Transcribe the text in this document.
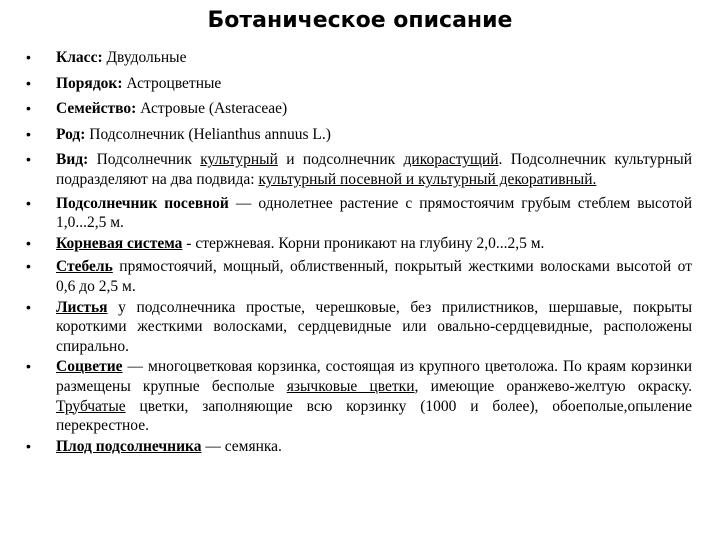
Ботаническое описание
• Класс: Двудольные
• Порядок: Астроцветные
• Семейство: Астровые (Asteraceae)
• Род: Подсолнечник (Helianthus annuus L.)
• Вид: Подсолнечник культурный и подсолнечник дикорастущий. Подсолнечник культурный подразделяют на два подвида: культурный посевной и культурный декоративный.
• Подсолнечник посевной — однолетнее растение с прямостоячим грубым стеблем высотой 1,0...2,5 м.
• Корневая система - стержневая. Корни проникают на глубину 2,0...2,5 м.
• Стебель прямостоячий, мощный, облиственный, покрытый жесткими волосками высотой от 0,6 до 2,5 м.
• Листья у подсолнечника простые, черешковые, без прилистников, шершавые, покрыты короткими жесткими волосками, сердцевидные или овально-сердцевидные, расположены спирально.
• Соцветие — многоцветковая корзинка, состоящая из крупного цветоложа. По краям корзинки размещены крупные бесполые язычковые цветки, имеющие оранжево-желтую окраску. Трубчатые цветки, заполняющие всю корзинку (1000 и более), обоеполые,опыление перекрестное.
• Плод подсолнечника — семянка.
